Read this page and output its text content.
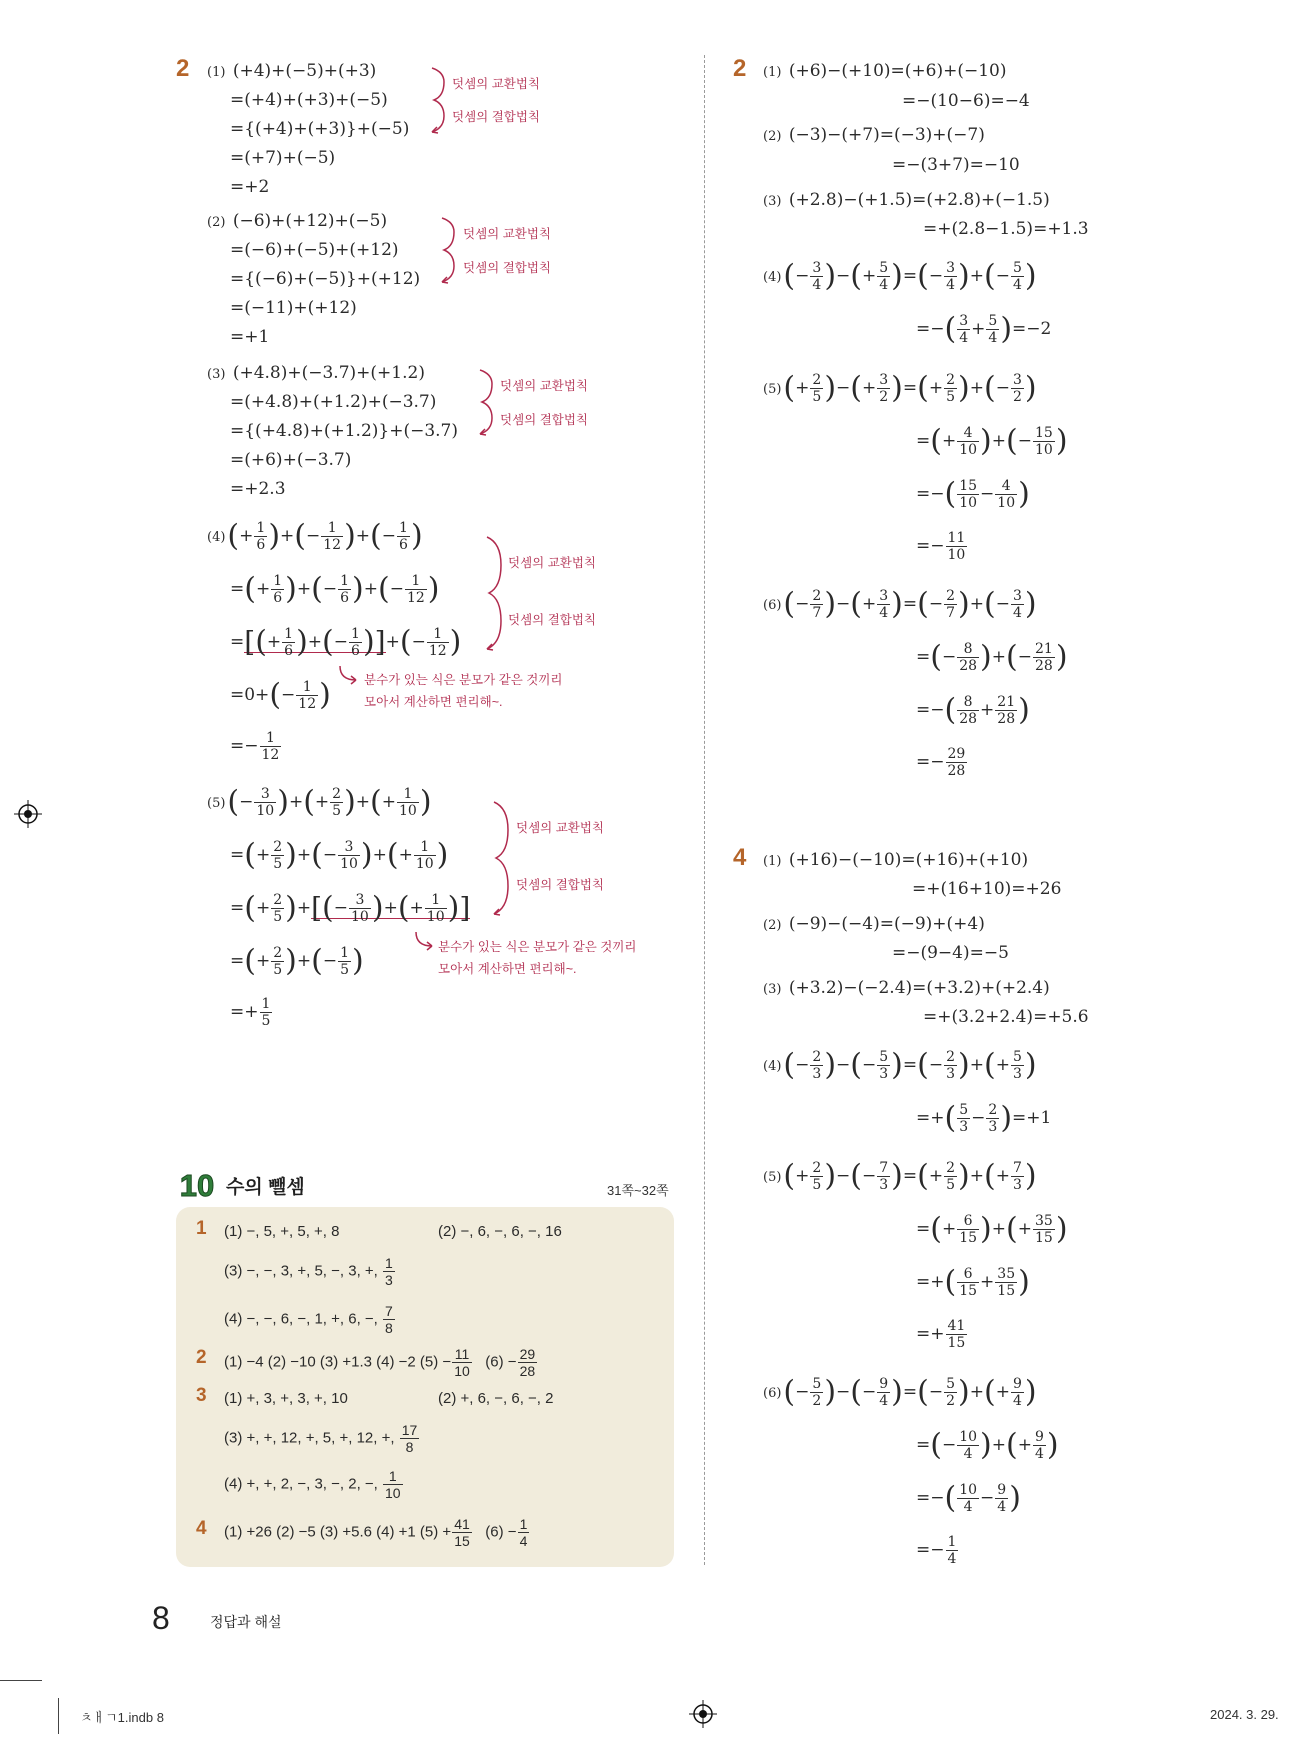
2 (1) (+4)+(−5)+(+3)
=(+4)+(+3)+(−5)
={(+4)+(+3)}+(−5)
=(+7)+(−5)
=+2
덧셈의 교환법칙
덧셈의 결합법칙
(2) (−6)+(+12)+(−5)
=(−6)+(−5)+(+12)
={(−6)+(−5)}+(+12)
=(−11)+(+12)
=+1
덧셈의 교환법칙
덧셈의 결합법칙
(3) (+4.8)+(−3.7)+(+1.2)
=(+4.8)+(+1.2)+(−3.7)
={(+4.8)+(+1.2)}+(−3.7)
=(+6)+(−3.7)
=+2.3
덧셈의 교환법칙
덧셈의 결합법칙
$(4)(+ \frac{1}{6}$ )+(− $\frac{1}{12}$ )+(− $\frac{1}{6}$ )
=(+ $\frac{1}{6}$ )+(− $\frac{1}{6}$ )+(− $\frac{1}{12}$ )
=[(+ $\frac{1}{6}$ )+(− $\frac{1}{6}$ )]+(− $\frac{1}{12}$ )
$=0+(- \frac{1}{12}$ )
=− $\frac{1}{12}$
덧셈의 교환법칙
덧셈의 결합법칙
분수가 있는 식은 분모가 같은 것끼리
모아서 계산하면 편리해~.
$(5)(- \frac{3}{10}$ )+(+ $\frac{2}{5}$ )+(+ $\frac{1}{10}$ )
=(+ $\frac{2}{5}$ )+(− $\frac{3}{10}$ )+(+ $\frac{1}{10}$ )
=(+ $\frac{2}{5}$ )+[(− $\frac{3}{10}$ )+(+ $\frac{1}{10}$ )]
=(+ $\frac{2}{5}$ )+(− $\frac{1}{5}$ )
=+ $\frac{1}{5}$
덧셈의 교환법칙
덧셈의 결합법칙
분수가 있는 식은 분모가 같은 것끼리
모아서 계산하면 편리해~.
10 수의 뺄셈	31쪽~32쪽
1 (1) −, 5, +, 5, +, 8	(2) −, 6, −, 6, −, 16
(3) −, −, 3, +, 5, −, 3, +, $\frac{1}{3}$
(4) −, −, 6, −, 1, +, 6, −, $\frac{7}{8}$
2 (1) −4 (2) −10 (3) +1.3 (4) −2 $(5) - \frac{11}{10} (6) - \frac{29}{28}$
3 (1) +, 3, +, 3, +, 10	(2) +, 6, −, 6, −, 2
(3) +, +, 12, +, 5, +, 12, +, $\frac{17}{8}$
(4) +, +, 2, −, 3, −, 2, −, $\frac{1}{10}$
4 (1) +26 (2) −5 (3) +5.6 (4) +1 $(5) + \frac{41}{15} (6) - \frac{1}{4}$
2 (1) (+6)−(+10)=(+6)+(−10)
=−(10−6)=−4
(2) (−3)−(+7)=(−3)+(−7)
=−(3+7)=−10
(3) (+2.8)−(+1.5)=(+2.8)+(−1.5)
=+(2.8−1.5)=+1.3
$(4)(- \frac{3}{4}$ )−(+ $\frac{5}{4}$ )=(− $\frac{3}{4}$ )+(− $\frac{5}{4}$ )
=−( $\frac{3}{4} + \frac{5}{4} )=-2$
$(5)(+ \frac{2}{5}$ )−(+ $\frac{3}{2}$ )=(+ $\frac{2}{5}$ )+(− $\frac{3}{2}$ )
=(+ $\frac{4}{10}$ )+(− $\frac{15}{10}$ )
=−( $\frac{15}{10} - \frac{4}{10}$ )
=− $\frac{11}{10}$
$(6)(- \frac{2}{7}$ )−(+ $\frac{3}{4}$ )=(− $\frac{2}{7}$ )+(− $\frac{3}{4}$ )
=(− $\frac{8}{28}$ )+(− $\frac{21}{28}$ )
=−( $\frac{8}{28} + \frac{21}{28}$ )
=− $\frac{29}{28}$
4 (1) (+16)−(−10)=(+16)+(+10)
=+(16+10)=+26
(2) (−9)−(−4)=(−9)+(+4)
=−(9−4)=−5
(3) (+3.2)−(−2.4)=(+3.2)+(+2.4)
=+(3.2+2.4)=+5.6
$(4)(- \frac{2}{3}$ )−(− $\frac{5}{3}$ )=(− $\frac{2}{3}$ )+(+ $\frac{5}{3}$ )
=+( $\frac{5}{3} - \frac{2}{3} )=+1$
$(5)(+ \frac{2}{5}$ )−(− $\frac{7}{3}$ )=(+ $\frac{2}{5}$ )+(+ $\frac{7}{3}$ )
=(+ $\frac{6}{15}$ )+(+ $\frac{35}{15}$ )
=+( $\frac{6}{15} + \frac{35}{15}$ )
=+ $\frac{41}{15}$
$(6)(- \frac{5}{2}$ )−(− $\frac{9}{4}$ )=(− $\frac{5}{2}$ )+(+ $\frac{9}{4}$ )
=(− $\frac{10}{4}$ )+(+ $\frac{9}{4}$ )
=−( $\frac{10}{4} - \frac{9}{4}$ )
=− $\frac{1}{4}$
8	정답과 해설
ㅊㅐㄱ1.indb 8	2024. 3. 29.
